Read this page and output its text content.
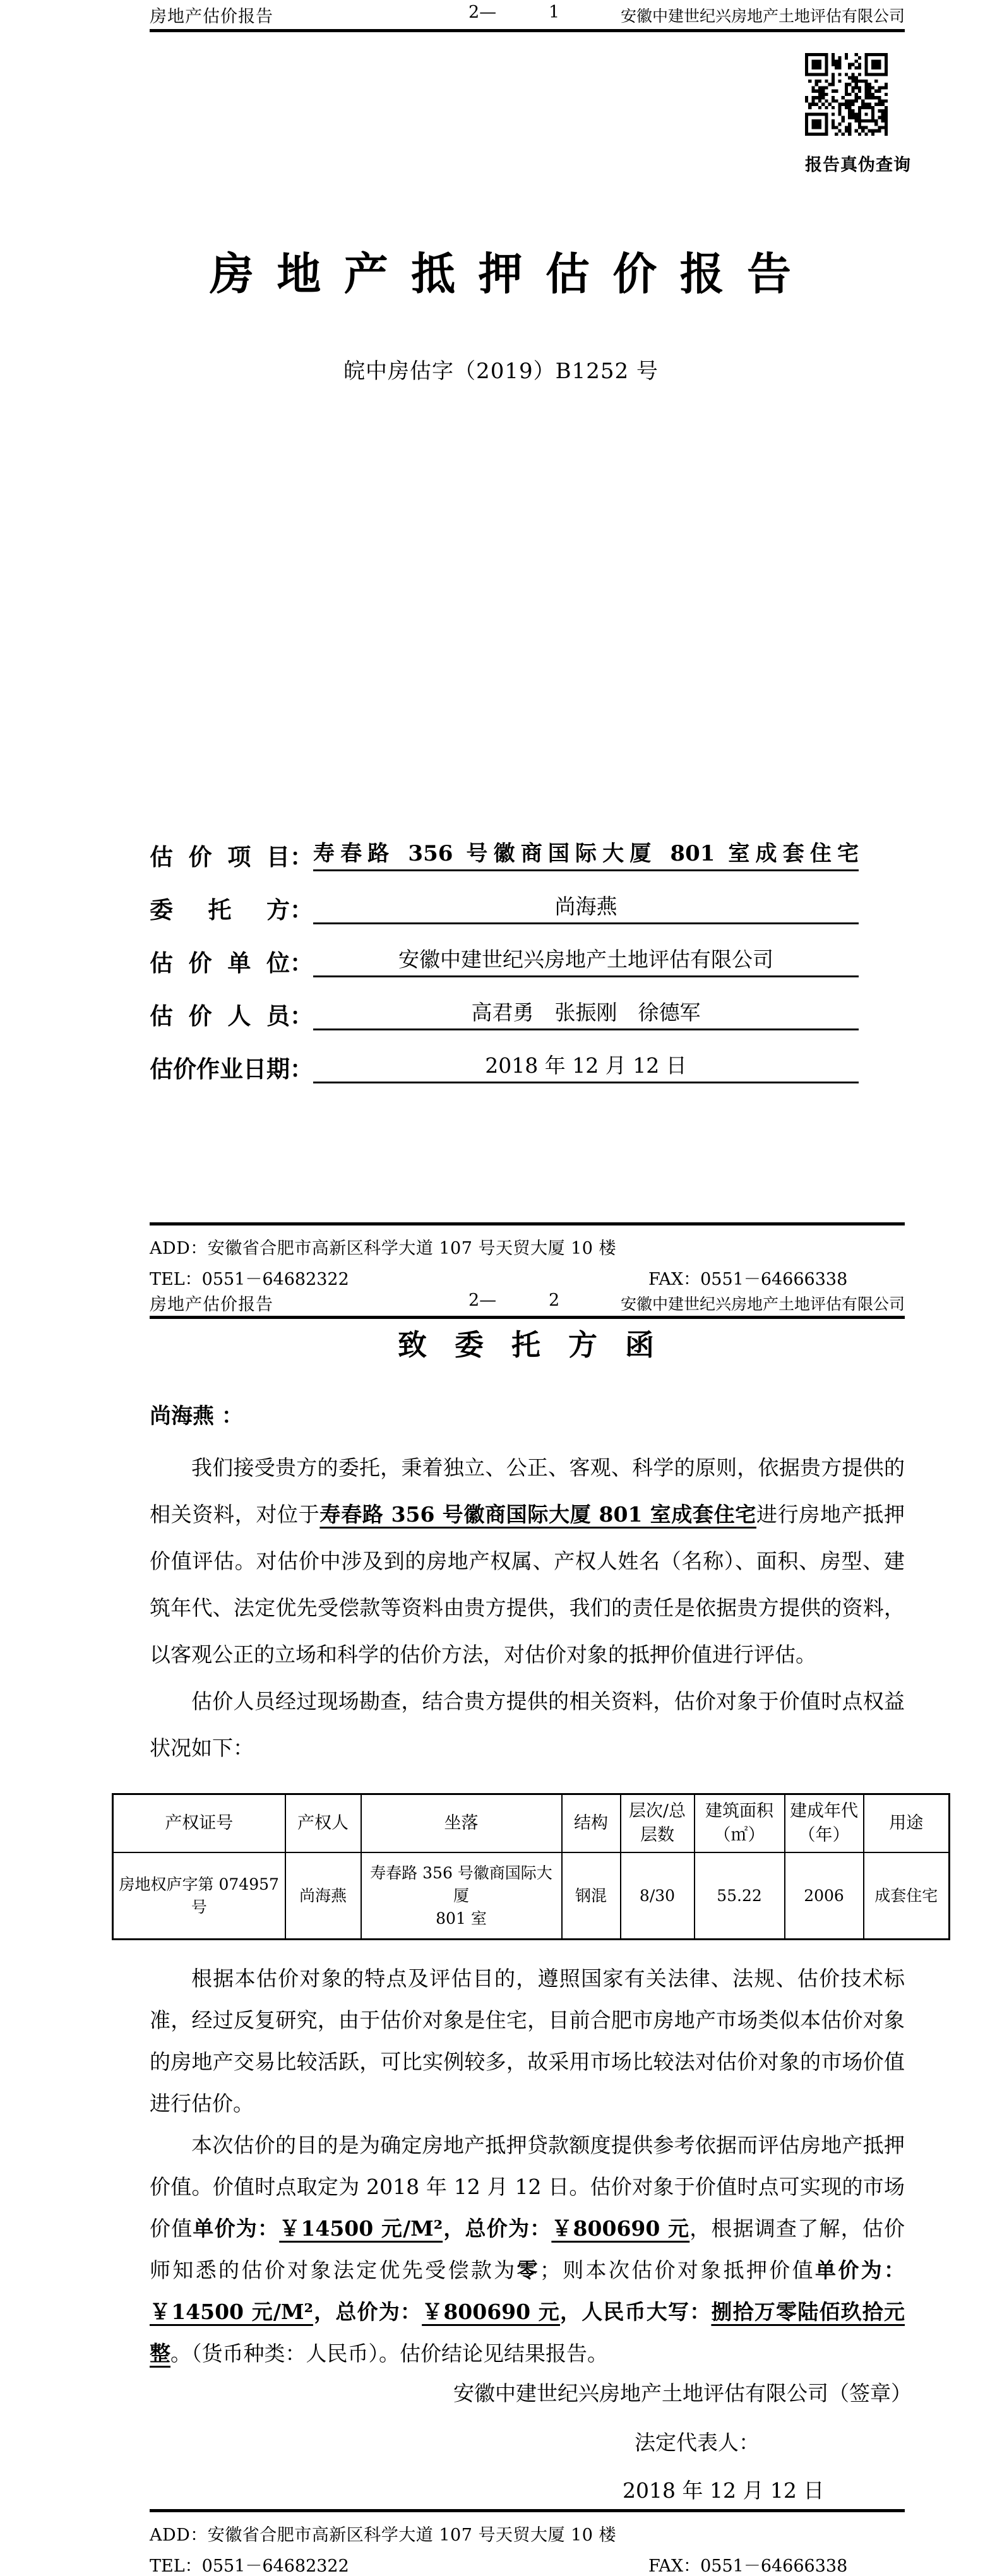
房地产估价报告	2—	1	安徽中建世纪兴房地产土地评估有限公司
报告真伪查询
房 地 产 抵 押 估 价 报 告
皖中房估字（2019）B1252 号
估价项目 ： 寿春路 356 号徽商国际大厦 801 室成套住宅
委托方 ：	尚海燕
估价单位 ：	安徽中建世纪兴房地产土地评估有限公司
估价人员 ：	高君勇　张振刚　徐德军
估价作业日期 ：	2018 年 12 月 12 日
ADD：安徽省合肥市高新区科学大道 107 号天贸大厦 10 楼
TEL：0551－64682322	FAX：0551－64666338
房地产估价报告	2—	2	安徽中建世纪兴房地产土地评估有限公司
致 委 托 方 函
尚海燕 ：

我们接受贵方的委托，秉着独立、公正、客观、科学的原则，依据贵方提供的相关资料，对位于寿春路 356 号徽商国际大厦 801 室成套住宅进行房地产抵押价值评估。对估价中涉及到的房地产权属、产权人姓名（名称）、面积、房型、建筑年代、法定优先受偿款等资料由贵方提供，我们的责任是依据贵方提供的资料，以客观公正的立场和科学的估价方法，对估价对象的抵押价值进行评估。

估价人员经过现场勘查，结合贵方提供的相关资料，估价对象于价值时点权益状况如下：

产权证号	产权人	坐落	结构	层次/总层数	建筑面积（㎡）	建成年代（年）	用途
房地权庐字第 074957 号	尚海燕	寿春路 356 号徽商国际大厦
801 室	钢混	8/30	55.22	2006	成套住宅

根据本估价对象的特点及评估目的，遵照国家有关法律、法规、估价技术标准，经过反复研究，由于估价对象是住宅，目前合肥市房地产市场类似本估价对象的房地产交易比较活跃，可比实例较多，故采用市场比较法对估价对象的市场价值进行估价。

本次估价的目的是为确定房地产抵押贷款额度提供参考依据而评估房地产抵押价值。价值时点取定为 2018 年 12 月 12 日。估价对象于价值时点可实现的市场价值单价为：￥14500 元/M²，总价为：￥800690 元，根据调查了解，估价师知悉的估价对象法定优先受偿款为零；则本次估价对象抵押价值单价为：￥14500 元/M²，总价为：￥800690 元，人民币大写：捌拾万零陆佰玖拾元整。（货币种类：人民币）。估价结论见结果报告。

安徽中建世纪兴房地产土地评估有限公司（签章）
法定代表人：
2018 年 12 月 12 日
ADD：安徽省合肥市高新区科学大道 107 号天贸大厦 10 楼
TEL：0551－64682322	FAX：0551－64666338
